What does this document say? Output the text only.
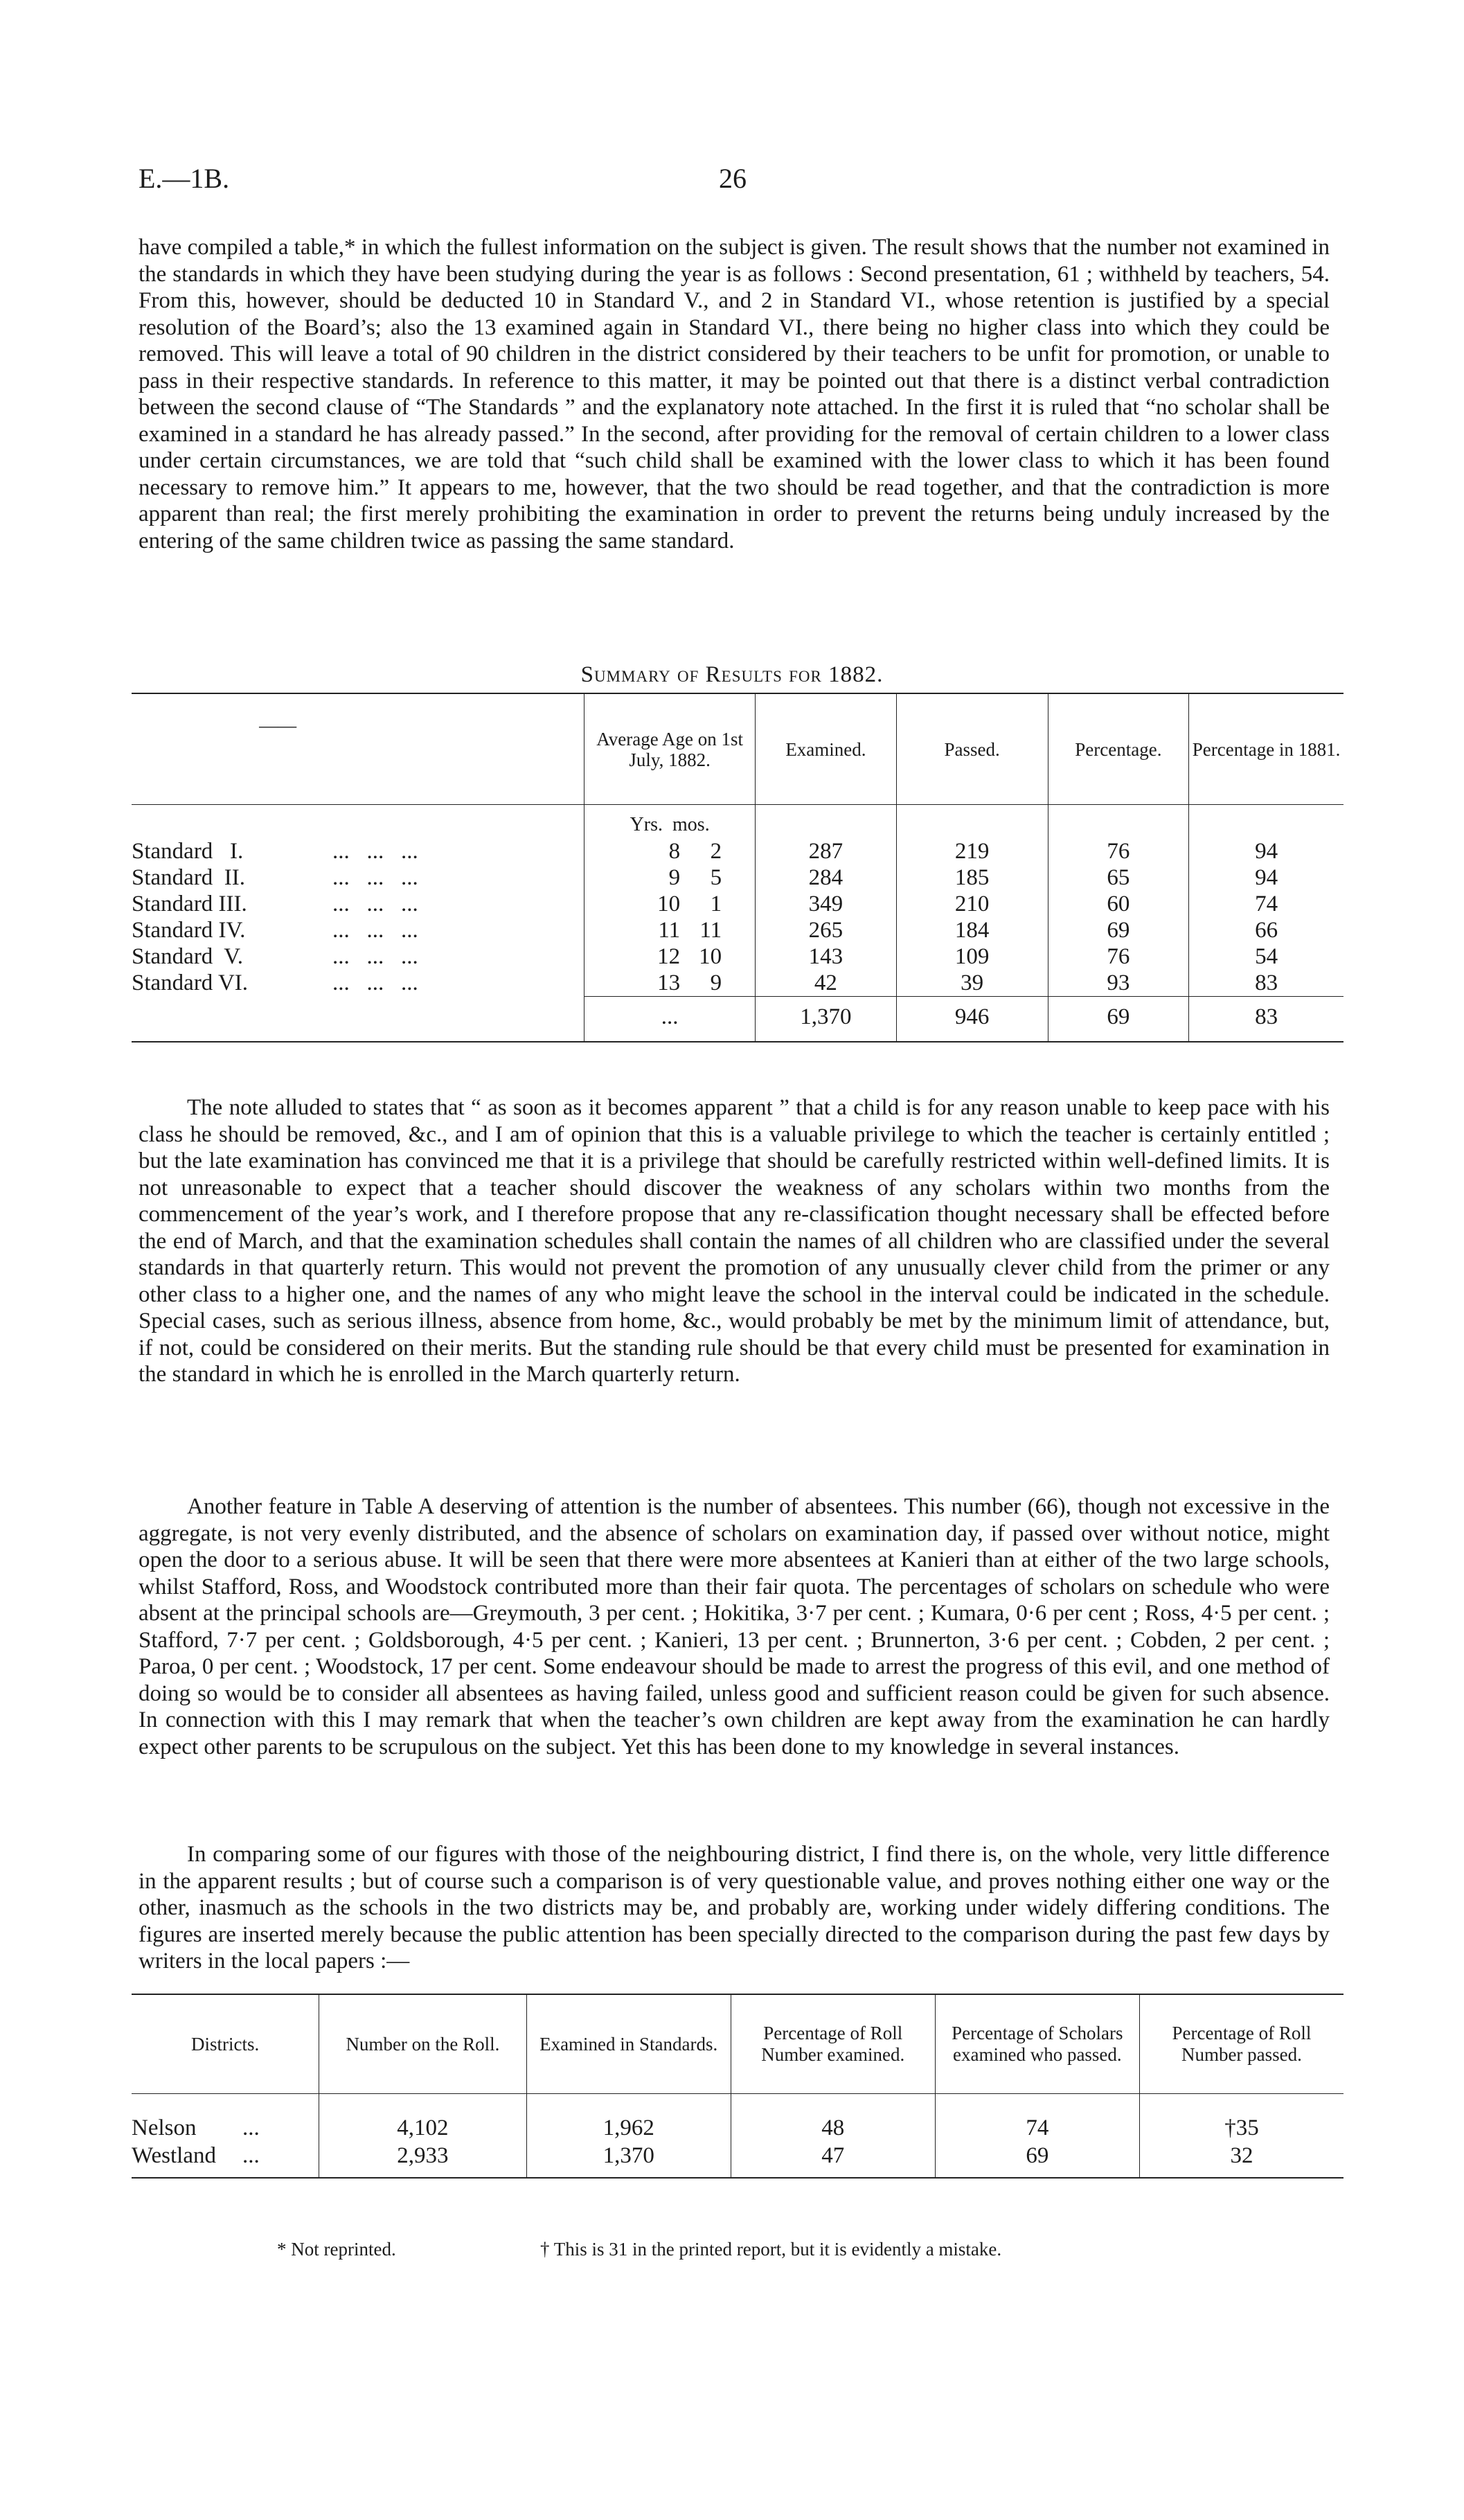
E.—1B.	26

have compiled a table,* in which the fullest information on the subject is given. The result shows that the number not examined in the standards in which they have been studying during the year is as follows : Second presentation, 61 ; withheld by teachers, 54. From this, however, should be deducted 10 in Standard V., and 2 in Standard VI., whose retention is justified by a special resolution of the Board’s; also the 13 examined again in Standard VI., there being no higher class into which they could be removed. This will leave a total of 90 children in the district considered by their teachers to be unfit for promotion, or unable to pass in their respective standards. In reference to this matter, it may be pointed out that there is a distinct verbal contradiction between the second clause of “The Standards ” and the explanatory note attached. In the first it is ruled that “no scholar shall be examined in a standard he has already passed.” In the second, after providing for the removal of certain children to a lower class under certain circumstances, we are told that “such child shall be examined with the lower class to which it has been found necessary to remove him.” It appears to me, however, that the two should be read together, and that the contradiction is more apparent than real; the first merely prohibiting the examination in order to prevent the returns being unduly increased by the entering of the same children twice as passing the same standard.

Summary of Results for 1882.
——	Average Age on 1st July, 1882.	Examined.	Passed.	Percentage.	Percentage in 1881.
	Yrs. mos.				
Standard   I. ...   ...   ...	8 2	287	219	76	94
Standard  II. ...   ...   ...	9 5	284	185	65	94
Standard III. ...   ...   ...	10 1	349	210	60	74
Standard IV. ...   ...   ...	11 11	265	184	69	66
Standard  V. ...   ...   ...	12 10	143	109	76	54
Standard VI. ...   ...   ...	13 9	42	39	93	83
	...	1,370	946	69	83

The note alluded to states that “ as soon as it becomes apparent ” that a child is for any reason unable to keep pace with his class he should be removed, &c., and I am of opinion that this is a valuable privilege to which the teacher is certainly entitled ; but the late examination has convinced me that it is a privilege that should be carefully restricted within well-defined limits. It is not unreasonable to expect that a teacher should discover the weakness of any scholars within two months from the commencement of the year’s work, and I therefore propose that any re-classification thought necessary shall be effected before the end of March, and that the examination schedules shall contain the names of all children who are classified under the several standards in that quarterly return. This would not prevent the promotion of any unusually clever child from the primer or any other class to a higher one, and the names of any who might leave the school in the interval could be indicated in the schedule. Special cases, such as serious illness, absence from home, &c., would probably be met by the minimum limit of attendance, but, if not, could be considered on their merits. But the standing rule should be that every child must be presented for examination in the standard in which he is enrolled in the March quarterly return.

Another feature in Table A deserving of attention is the number of absentees. This number (66), though not excessive in the aggregate, is not very evenly distributed, and the absence of scholars on examination day, if passed over without notice, might open the door to a serious abuse. It will be seen that there were more absentees at Kanieri than at either of the two large schools, whilst Stafford, Ross, and Woodstock contributed more than their fair quota. The percentages of scholars on schedule who were absent at the principal schools are—Greymouth, 3 per cent. ; Hokitika, 3·7 per cent. ; Kumara, 0·6 per cent ; Ross, 4·5 per cent. ; Stafford, 7·7 per cent. ; Goldsborough, 4·5 per cent. ; Kanieri, 13 per cent. ; Brunnerton, 3·6 per cent. ; Cobden, 2 per cent. ; Paroa, 0 per cent. ; Woodstock, 17 per cent. Some endeavour should be made to arrest the progress of this evil, and one method of doing so would be to consider all absentees as having failed, unless good and sufficient reason could be given for such absence. In connection with this I may remark that when the teacher’s own children are kept away from the examination he can hardly expect other parents to be scrupulous on the subject. Yet this has been done to my knowledge in several instances.

In comparing some of our figures with those of the neighbouring district, I find there is, on the whole, very little difference in the apparent results ; but of course such a comparison is of very questionable value, and proves nothing either one way or the other, inasmuch as the schools in the two districts may be, and probably are, working under widely differing conditions. The figures are inserted merely because the public attention has been specially directed to the comparison during the past few days by writers in the local papers :—

Districts.	Number on the Roll.	Examined in Standards.	Percentage of Roll Number examined.	Percentage of Scholars examined who passed.	Percentage of Roll Number passed.
Nelson ...	4,102	1,962	48	74	†35
Westland ...	2,933	1,370	47	69	32
* Not reprinted.	† This is 31 in the printed report, but it is evidently a mistake.
